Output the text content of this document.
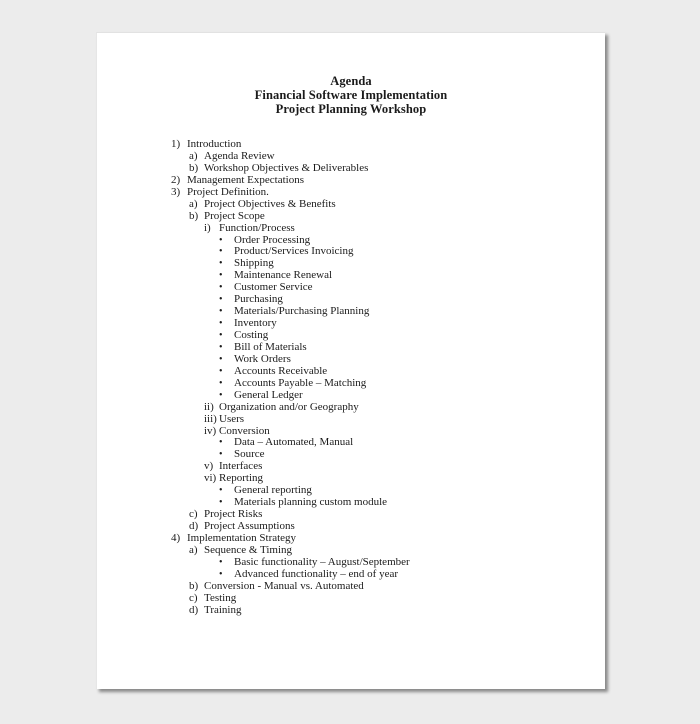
Agenda
Financial Software Implementation
Project Planning Workshop
1) Introduction
a) Agenda Review
b) Workshop Objectives & Deliverables
2) Management Expectations
3) Project Definition.
a) Project Objectives & Benefits
b) Project Scope
i) Function/Process
•	Order Processing
•	Product/Services Invoicing
•	Shipping
•	Maintenance Renewal
•	Customer Service
•	Purchasing
•	Materials/Purchasing Planning
•	Inventory
•	Costing
•	Bill of Materials
•	Work Orders
•	Accounts Receivable
•	Accounts Payable – Matching
•	General Ledger
ii) Organization and/or Geography
iii) Users
iv) Conversion
•	Data – Automated, Manual
•	Source
v) Interfaces
vi) Reporting
•	General reporting
•	Materials planning custom module
c) Project Risks
d) Project Assumptions
4) Implementation Strategy
a) Sequence & Timing
•	Basic functionality – August/September
•	Advanced functionality – end of year
b) Conversion - Manual vs. Automated
c) Testing
d) Training
